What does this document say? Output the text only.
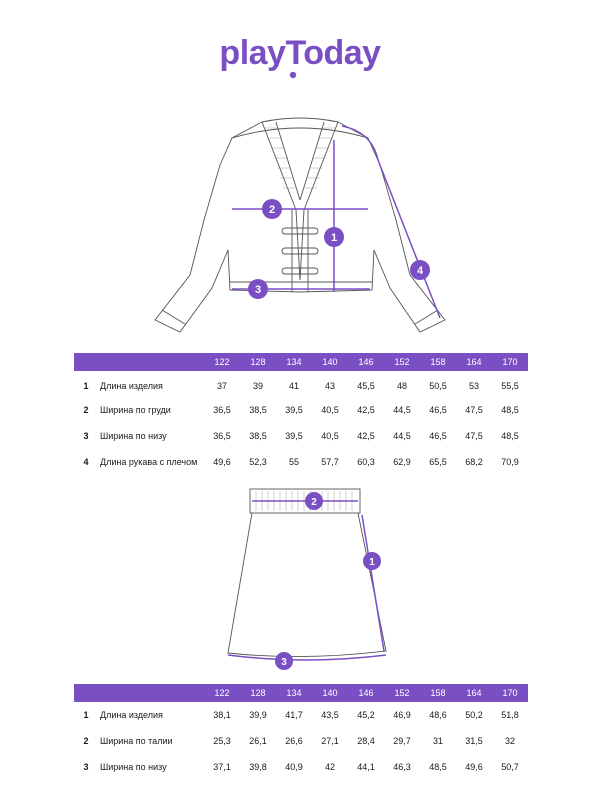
playToday
1
2
3
4
		122	128	134	140	146	152	158	164	170
1	Длина изделия	37	39	41	43	45,5	48	50,5	53	55,5
2	Ширина по груди	36,5	38,5	39,5	40,5	42,5	44,5	46,5	47,5	48,5
3	Ширина по низу	36,5	38,5	39,5	40,5	42,5	44,5	46,5	47,5	48,5
4	Длина рукава с плечом	49,6	52,3	55	57,7	60,3	62,9	65,5	68,2	70,9
1
2
3
		122	128	134	140	146	152	158	164	170
1	Длина изделия	38,1	39,9	41,7	43,5	45,2	46,9	48,6	50,2	51,8
2	Ширина по талии	25,3	26,1	26,6	27,1	28,4	29,7	31	31,5	32
3	Ширина по низу	37,1	39,8	40,9	42	44,1	46,3	48,5	49,6	50,7
